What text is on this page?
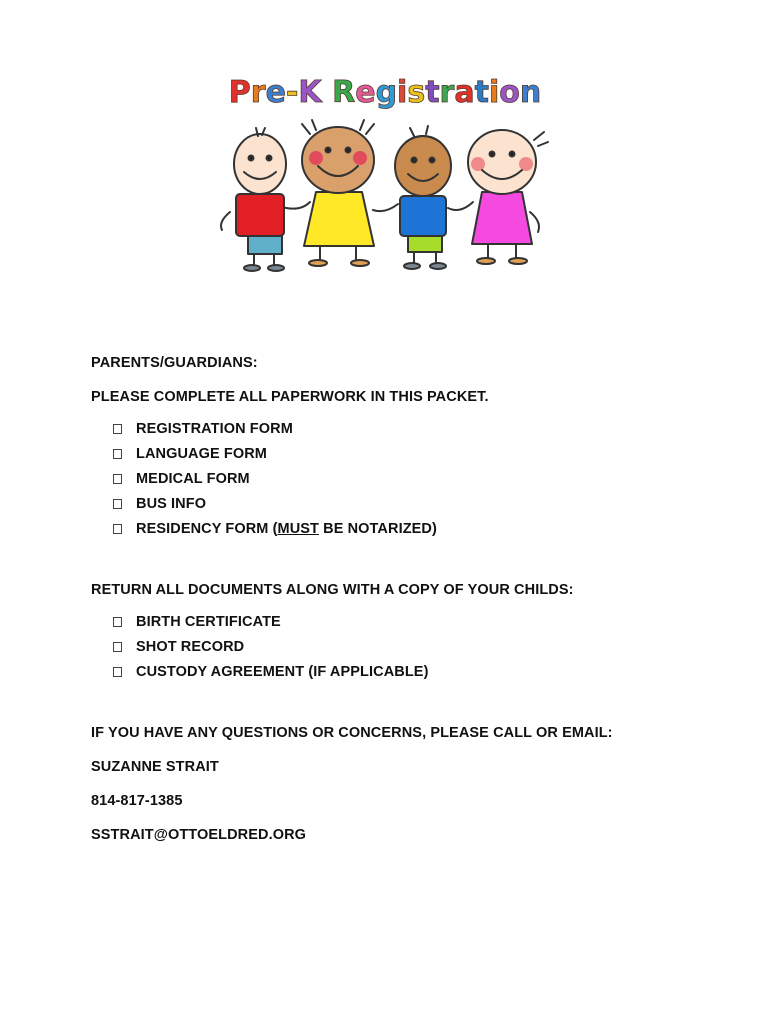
Pre-K Registration

PARENTS/GUARDIANS:

PLEASE COMPLETE ALL PAPERWORK IN THIS PACKET.

REGISTRATION FORM
LANGUAGE FORM
MEDICAL FORM
BUS INFO
RESIDENCY FORM (MUST BE NOTARIZED)

RETURN ALL DOCUMENTS ALONG WITH A COPY OF YOUR CHILDS:

BIRTH CERTIFICATE
SHOT RECORD
CUSTODY AGREEMENT (IF APPLICABLE)

IF YOU HAVE ANY QUESTIONS OR CONCERNS, PLEASE CALL OR EMAIL:

SUZANNE STRAIT

814-817-1385

SSTRAIT@OTTOELDRED.ORG
